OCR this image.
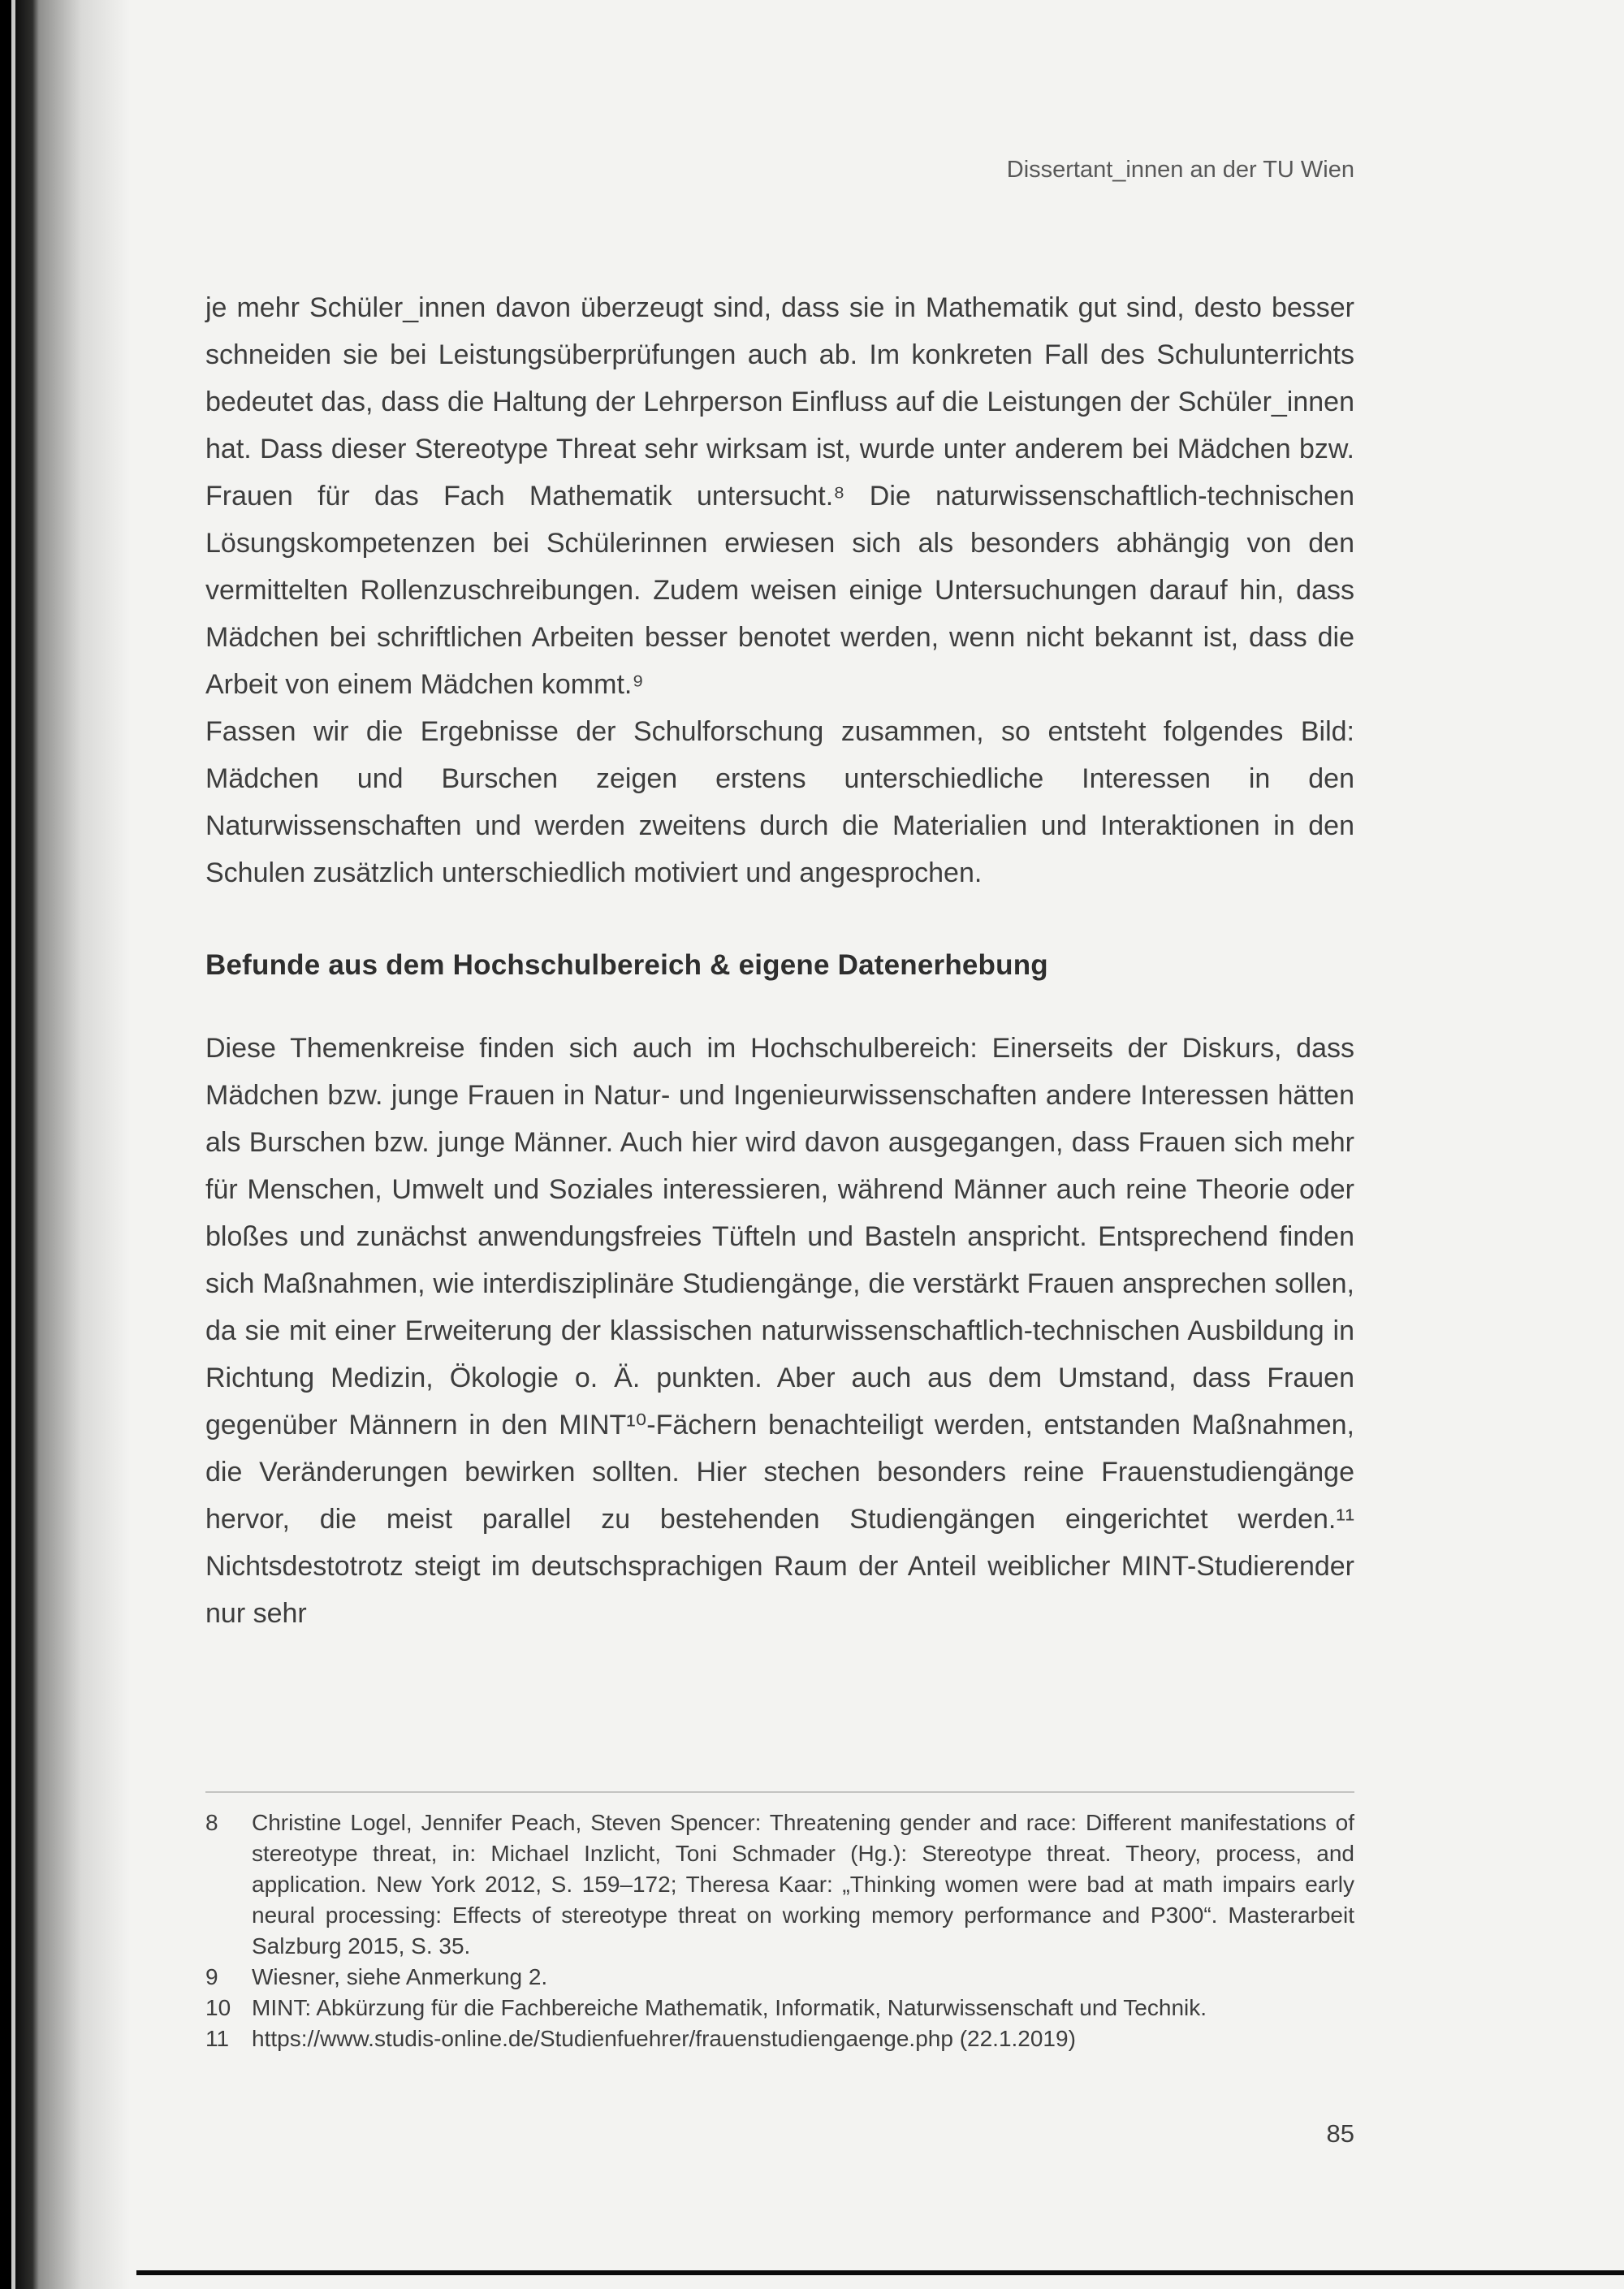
Dissertant_innen an der TU Wien

je mehr Schüler_innen davon überzeugt sind, dass sie in Mathematik gut sind, desto besser schneiden sie bei Leistungsüberprüfungen auch ab. Im konkreten Fall des Schulunterrichts bedeutet das, dass die Haltung der Lehrperson Einfluss auf die Leistungen der Schüler_innen hat. Dass dieser Stereotype Threat sehr wirksam ist, wurde unter anderem bei Mädchen bzw. Frauen für das Fach Mathematik untersucht.⁸ Die naturwissenschaftlich-technischen Lösungskompetenzen bei Schülerinnen erwiesen sich als besonders abhängig von den vermittelten Rollenzuschreibungen. Zudem weisen einige Untersuchungen darauf hin, dass Mädchen bei schriftlichen Arbeiten besser benotet werden, wenn nicht bekannt ist, dass die Arbeit von einem Mädchen kommt.⁹

Fassen wir die Ergebnisse der Schulforschung zusammen, so entsteht folgendes Bild: Mädchen und Burschen zeigen erstens unterschiedliche Interessen in den Naturwissenschaften und werden zweitens durch die Materialien und Interaktionen in den Schulen zusätzlich unterschiedlich motiviert und angesprochen.

Befunde aus dem Hochschulbereich & eigene Datenerhebung

Diese Themenkreise finden sich auch im Hochschulbereich: Einerseits der Diskurs, dass Mädchen bzw. junge Frauen in Natur- und Ingenieurwissenschaften andere Interessen hätten als Burschen bzw. junge Männer. Auch hier wird davon ausgegangen, dass Frauen sich mehr für Menschen, Umwelt und Soziales interessieren, während Männer auch reine Theorie oder bloßes und zunächst anwendungsfreies Tüfteln und Basteln anspricht. Entsprechend finden sich Maßnahmen, wie interdisziplinäre Studiengänge, die verstärkt Frauen ansprechen sollen, da sie mit einer Erweiterung der klassischen naturwissenschaftlich-technischen Ausbildung in Richtung Medizin, Ökologie o. Ä. punkten. Aber auch aus dem Umstand, dass Frauen gegenüber Männern in den MINT¹⁰-Fächern benachteiligt werden, entstanden Maßnahmen, die Veränderungen bewirken sollten. Hier stechen besonders reine Frauenstudiengänge hervor, die meist parallel zu bestehenden Studiengängen eingerichtet werden.¹¹ Nichtsdestotrotz steigt im deutschsprachigen Raum der Anteil weiblicher MINT-Studierender nur sehr

8	Christine Logel, Jennifer Peach, Steven Spencer: Threatening gender and race: Different manifestations of stereotype threat, in: Michael Inzlicht, Toni Schmader (Hg.): Stereotype threat. Theory, process, and application. New York 2012, S. 159–172; Theresa Kaar: „Thinking women were bad at math impairs early neural processing: Effects of stereotype threat on working memory performance and P300“. Masterarbeit Salzburg 2015, S. 35.
9	Wiesner, siehe Anmerkung 2.
10 MINT: Abkürzung für die Fachbereiche Mathematik, Informatik, Naturwissenschaft und Technik.
11 https://www.studis-online.de/Studienfuehrer/frauenstudiengaenge.php (22.1.2019)
85
